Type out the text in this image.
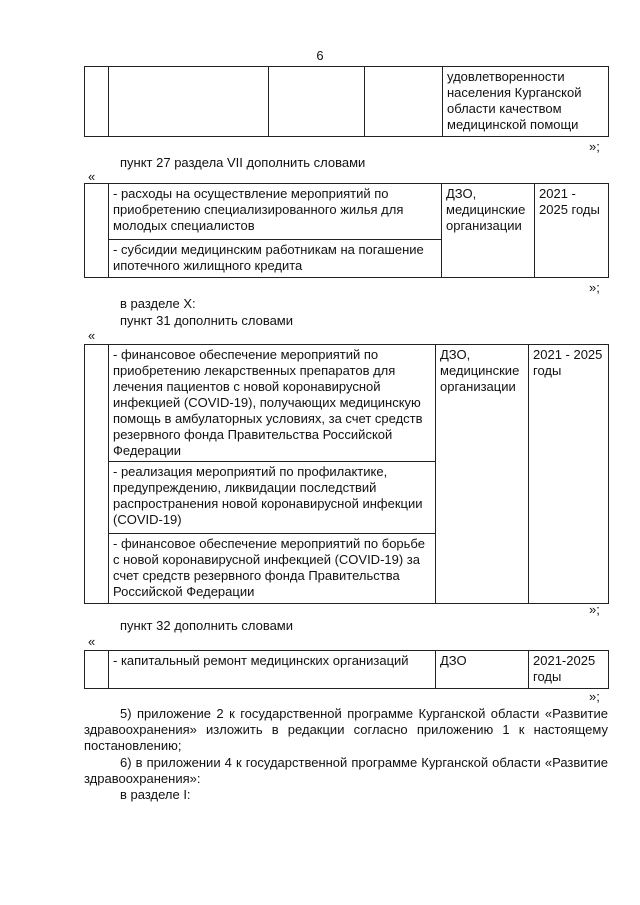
6
				удовлетворенности населения Курганской области качеством медицинской помощи
»;
пункт 27 раздела VII дополнить словами
«
	- расходы на осуществление мероприятий по приобретению специализированного жилья для молодых специалистов	ДЗО, медицинские организации	2021 - 2025 годы
- субсидии медицинским работникам на погашение ипотечного жилищного кредита
»;
в разделе X:
пункт 31 дополнить словами
«
	- финансовое обеспечение мероприятий по приобретению лекарственных препаратов для лечения пациентов с новой коронавирусной инфекцией (COVID-19), получающих медицинскую помощь в амбулаторных условиях, за счет средств резервного фонда Правительства Российской Федерации	ДЗО, медицинские организации	2021 - 2025 годы
- реализация мероприятий по профилактике, предупреждению, ликвидации последствий распространения новой коронавирусной инфекции (COVID-19)
- финансовое обеспечение мероприятий по борьбе с новой коронавирусной инфекцией (COVID-19) за счет средств резервного фонда Правительства Российской Федерации
»;
пункт 32 дополнить словами
«
	- капитальный ремонт медицинских организаций	ДЗО	2021-2025 годы
»;
5) приложение 2 к государственной программе Курганской области «Развитие здравоохранения» изложить в редакции согласно приложению 1 к настоящему постановлению;
6) в приложении 4 к государственной программе Курганской области «Развитие здравоохранения»:
в разделе I:
